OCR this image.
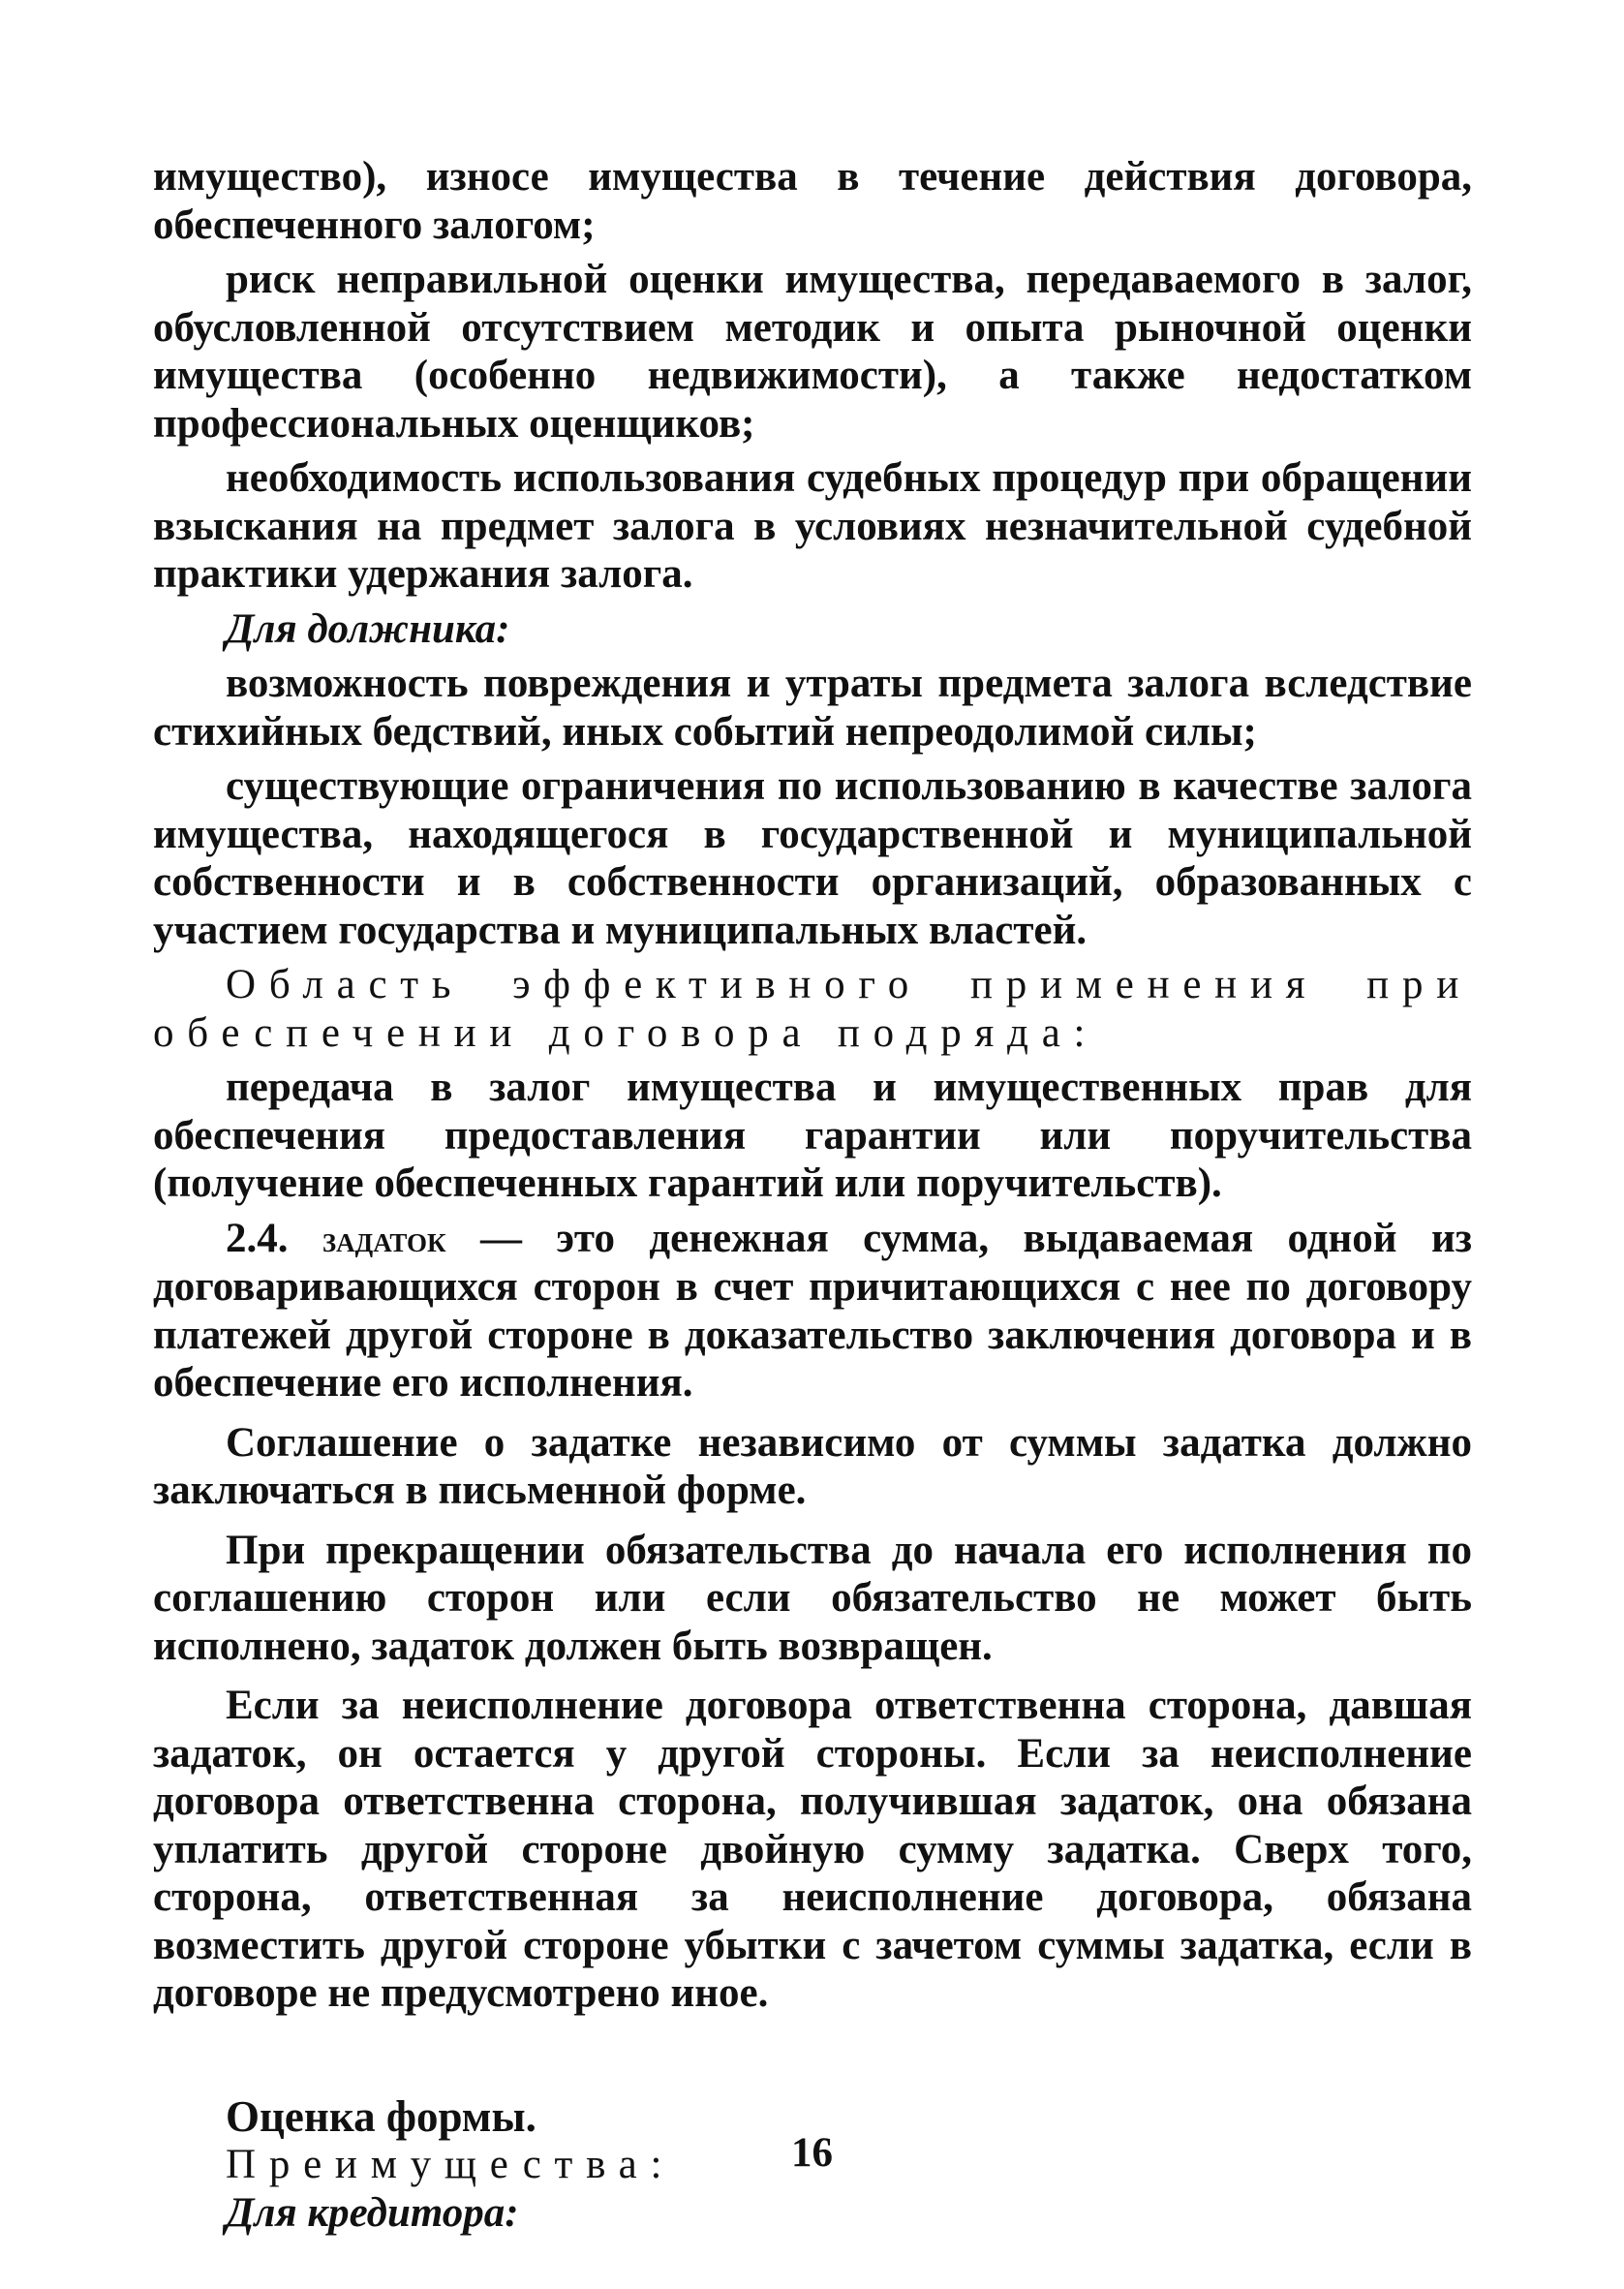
имущество), износе имущества в течение действия договора, обеспеченного залогом;

риск неправильной оценки имущества, передаваемого в залог, обусловленной отсутствием методик и опыта рыночной оценки имущества (особенно недвижимости), а также недостатком профессиональных оценщиков;

необходимость использования судебных процедур при обращении взыскания на предмет залога в условиях незначительной судебной практики удержания залога.

Для должника:

возможность повреждения и утраты предмета залога вследствие стихийных бедствий, иных событий непреодолимой силы;

существующие ограничения по использованию в качестве залога имущества, находящегося в государственной и муниципальной собственности и в собственности организаций, образованных с участием государства и муниципальных властей.

Область эффективного применения при обеспечении договора подряда:

передача в залог имущества и имущественных прав для обеспечения предоставления гарантии или поручительства (получение обеспеченных гарантий или поручительств).

2.4. задаток — это денежная сумма, выдаваемая одной из договаривающихся сторон в счет причитающихся с нее по договору платежей другой стороне в доказательство заключения договора и в обеспечение его исполнения.

Соглашение о задатке независимо от суммы задатка должно заключаться в письменной форме.

При прекращении обязательства до начала его исполнения по соглашению сторон или если обязательство не может быть исполнено, задаток должен быть возвращен.

Если за неисполнение договора ответственна сторона, давшая задаток, он остается у другой стороны. Если за неисполнение договора ответственна сторона, получившая задаток, она обязана уплатить другой стороне двойную сумму задатка. Сверх того, сторона, ответственная за неисполнение договора, обязана возместить другой стороне убытки с зачетом суммы задатка, если в договоре не предусмотрено иное.

Оценка формы.

Преимущества:

Для кредитора:

16
